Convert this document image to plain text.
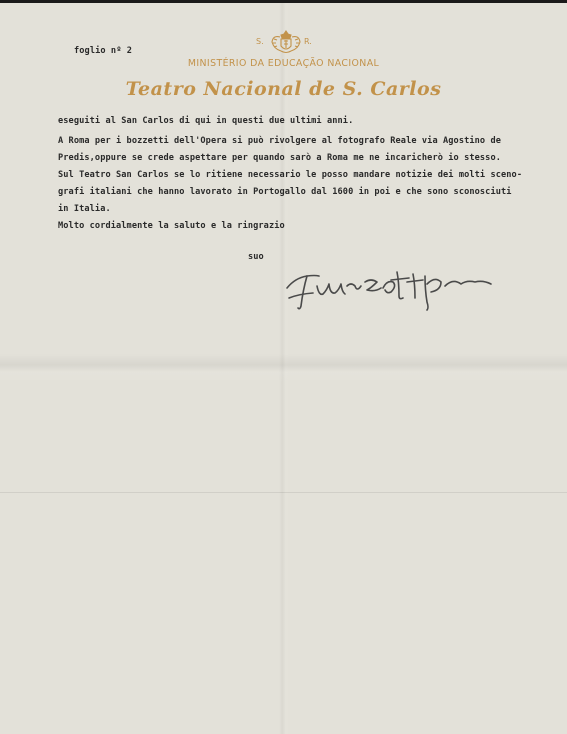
foglio nº 2
S.	R.
MINISTÉRIO DA EDUCAÇÃO NACIONAL
Teatro Nacional de S. Carlos
eseguiti al San Carlos di qui in questi due ultimi anni.
A Roma per i bozzetti dell'Opera si può rivolgere al fotografo Reale via Agostino de
Predis,oppure se crede aspettare per quando sarò a Roma me ne incaricherò io stesso.
Sul Teatro San Carlos se lo ritiene necessario le posso mandare notizie dei molti sceno-
grafi italiani che hanno lavorato in Portogallo dal 1600 in poi e che sono sconosciuti
in Italia.
Molto cordialmente la saluto e la ringrazio
suo
